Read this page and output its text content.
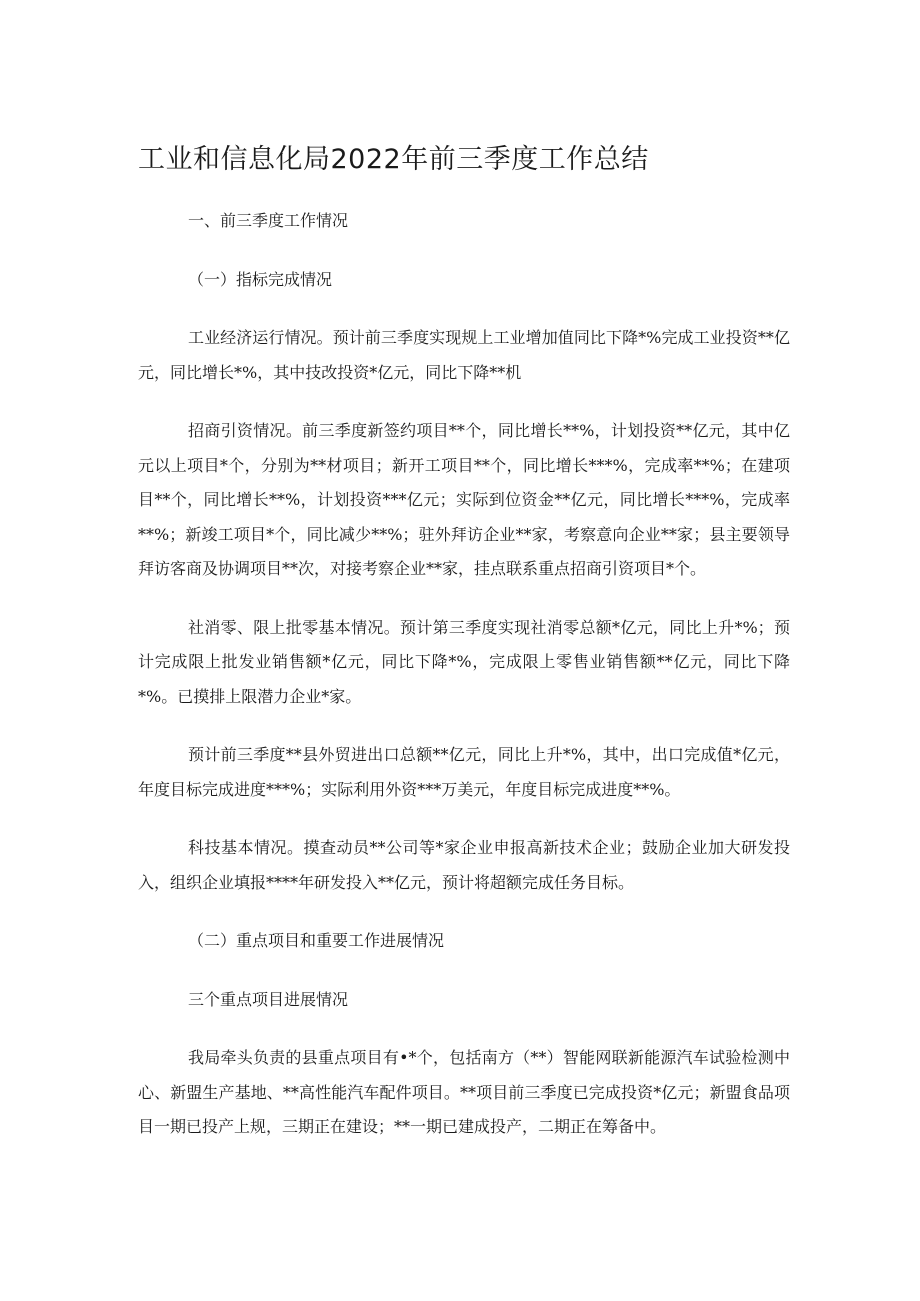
工业和信息化局2022年前三季度工作总结

一、前三季度工作情况

（一）指标完成情况

工业经济运行情况。预计前三季度实现规上工业增加值同比下降*%完成工业投资**亿元，同比增长*%，其中技改投资*亿元，同比下降**机

招商引资情况。前三季度新签约项目**个，同比增长**%，计划投资**亿元，其中亿元以上项目*个，分别为**材项目；新开工项目**个，同比增长***%，完成率**%；在建项目**个，同比增长**%，计划投资***亿元；实际到位资金**亿元，同比增长***%，完成率**%；新竣工项目*个，同比减少**%；驻外拜访企业**家，考察意向企业**家；县主要领导拜访客商及协调项目**次，对接考察企业**家，挂点联系重点招商引资项目*个。

社消零、限上批零基本情况。预计第三季度实现社消零总额*亿元，同比上升*%；预计完成限上批发业销售额*亿元，同比下降*%，完成限上零售业销售额**亿元，同比下降*%。已摸排上限潜力企业*家。

预计前三季度**县外贸进出口总额**亿元，同比上升*%，其中，出口完成值*亿元，年度目标完成进度***%；实际利用外资***万美元，年度目标完成进度**%。

科技基本情况。摸查动员**公司等*家企业申报高新技术企业；鼓励企业加大研发投入，组织企业填报****年研发投入**亿元，预计将超额完成任务目标。

（二）重点项目和重要工作进展情况

三个重点项目进展情况

我局牵头负责的县重点项目有•*个，包括南方（**）智能网联新能源汽车试验检测中心、新盟生产基地、**高性能汽车配件项目。**项目前三季度已完成投资*亿元；新盟食品项目一期已投产上规，三期正在建设；**一期已建成投产，二期正在筹备中。
